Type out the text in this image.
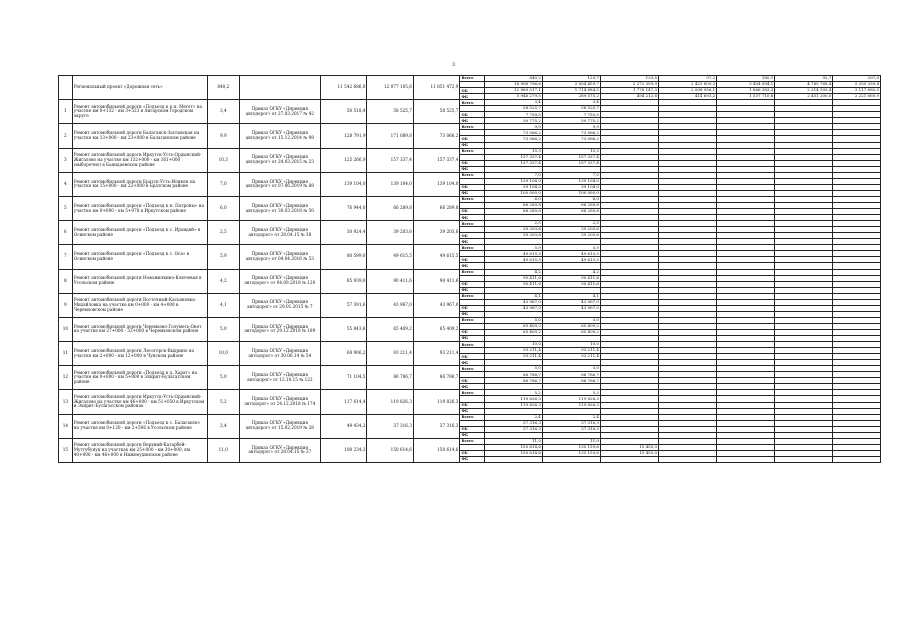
3
	Региональный проект «Дорожная сеть»	840,2		11 542 686,0	12 077 105,6	11 851 472,9	Всего	840,2	129,7	133,5	97,2	180,1	92,7	207,0
								18 906 796,6	2 004 459,7	2 272 359,9	2 423 609,3	3 404 094,1	4 765 768,4	5 339 359,4
							ОБ	12 960 517,1	1 714 884,5	1 778 147,3	2 008 956,1	1 866 383,3	2 314 595,4	3 117 680,5
							ФБ	5 946 279,5	289 575,2	494 212,6	414 693,2	1 537 710,8	2 451 200,0	2 221 669,9
1	Ремонт автомобильной дороги «Подъезд к р.п. Мегет» на участке км 0+132 - км 3+523 в Ангарском городском округе	3,4	Приказ ОГКУ «Дирекция автодорог» от 27.03.2017 № 42	50 518,4	58 525,7	58 525,7	Всего	3,4	3,4					
								58 525,7	58 525,7					
							ОБ	7 750,5	7 750,5					
							ФБ	50 775,2	50 775,2					
2	Ремонт автомобильной дороги Балаганск-Заславская на участке км 13+000 - км 23+000 в Балаганском районе	9,9	Приказ ОГКУ «Дирекция автодорог» от 15.12.2014 № 98	128 791,9	171 089,8	73 066,2	Всего	9,9	9,9					
								73 066,2	73 066,2					
							ОБ	73 066,2	73 066,2					
							ФБ							
3	Ремонт автомобильной дороги Иркутск-Усть-Ордынский-Жигалово на участке км 132+000 - км 161+000 (выборочно) в Баяндаевском районе	10,3	Приказ ОГКУ «Дирекция автодорог» от 24.03.2015 № 23	125 266,9	157 337,4	157 337,4	Всего	10,3	10,3					
								157 337,4	157 337,4					
							ОБ	157 337,4	157 337,4					
							ФБ							
4	Ремонт автомобильной дороги Братск-Усть-Илимск на участке км 15+000 - км 22+000 в Братском районе	7,0	Приказ ОГКУ «Дирекция автодорог» от 07.06.2019 № 88	139 104,0	139 104,0	139 104,0	Всего	7,0	7,0					
								139 104,0	139 104,0					
							ОБ	39 104,0	39 104,0					
							ФБ	100 000,0	100 000,0					
5	Ремонт автомобильной дороги «Подъезд к п. Патроны» на участке км 0+000 - км 5+978 в Иркутском районе	6,0	Приказ ОГКУ «Дирекция автодорог» от 30.03.2018 № 50	76 944,0	66 289,8	66 289,8	Всего	6,0	6,0					
								66 289,8	66 289,8					
							ОБ	66 289,8	66 289,8					
							ФБ							
6	Ремонт автомобильной дороги «Подъезд к с. Ирхидей» в Осинском районе	2,5	Приказ ОГКУ «Дирекция автодорог» от 28.04.15 № 38	30 924,4	39 203,6	39 203,6	Всего	2,5	2,5					
								39 203,6	39 203,6					
							ОБ	39 203,6	39 203,6					
							ФБ							
7	Ремонт автомобильной дороги «Подъезд к с. Оса» в Осинском районе	5,9	Приказ ОГКУ «Дирекция автодорог» от 04.04.2016 № 53	80 599,0	49 615,5	49 615,5	Всего	5,9	5,9					
								49 615,5	49 615,5					
							ОБ	49 615,5	49 615,5					
							ФБ							
8	Ремонт автомобильной дороги Новожилкино-Ключевая в Усольском районе	4,2	Приказ ОГКУ «Дирекция автодорог» от 04.09.2018 № 120	85 939,0	90 411,6	90 411,6	Всего	4,2	4,2					
								90 411,6	90 411,6					
							ОБ	90 411,6	90 411,6					
							ФБ							
9	Ремонт автомобильной дороги Восточный-Касьяновка-Михайловка на участке км 0+000 - км 4+000 в Черемховском районе	4,1	Приказ ОГКУ «Дирекция автодорог» от 29.01.2015 № 7	57 391,6	43 967,0	43 967,0	Всего	4,1	4,1					
								43 967,0	43 967,0					
							ОБ	43 967,0	43 967,0					
							ФБ							
10	Ремонт автомобильной дороги Черемхово-Голуметь-Онот на участке км 27+000 - 32+000 в Черемховском районе	5,0	Приказ ОГКУ «Дирекция автодорог» от 29.12.2018 № 189	55 843,6	65 409,2	65 409,2	Всего	5,0	5,0					
								65 409,2	65 409,2					
							ОБ	65 409,2	65 409,2					
							ФБ							
11	Ремонт автомобильной дороги Лесогорск-Выдрино на участке км 2+000 - км 12+000 в Чунском районе	10,0	Приказ ОГКУ «Дирекция автодорог» от 30.06.14 № 54	68 906,2	93 211,4	93 211,4	Всего	10,0	10,0					
								93 211,4	93 211,4					
							ОБ	93 211,4	93 211,4					
							ФБ							
12	Ремонт автомобильной дороги «Подъезд к д. Харат» на участке км 0+000 - км 5+000 в Эхирит-Булагатском районе	5,0	Приказ ОГКУ «Дирекция автодорог» от 12.10.15 № 122	71 104,5	86 786,7	86 786,7	Всего	5,0	5,0					
								86 786,7	86 786,7					
							ОБ	86 786,7	86 786,7					
							ФБ							
13	Ремонт автомобильной дороги Иркутск-Усть-Ордынский-Жигалово на участке км 46+000 - км 51+050 в Иркутском и Эхирит-Булагатском районах	5,2	Приказ ОГКУ «Дирекция автодорог» от 24.12.2018 № 174	117 614,4	119 826,3	119 826,3	Всего	5,2	5,2					
								119 826,3	119 826,3					
							ОБ	119 826,3	119 826,3					
							ФБ							
14	Ремонт автомобильной дороги «Подъезд к с. Балаганск» на участке км 0+120 - км 2+506 в Усольском районе	2,4	Приказ ОГКУ «Дирекция автодорог» от 15.02.2019 № 28	49 434,2	37 316,3	37 316,3	Всего	2,4	2,4					
								37 316,3	37 316,3					
							ОБ	37 316,3	37 316,3					
							ФБ							
15	Ремонт автомобильной дороги Верхний-Катарбей-Мугтубунук на участках км 25+000 - км 30+000, км 40+000 - км 46+000 в Нижнеудинском районе	11,0	Приказ ОГКУ «Дирекция автодорог» от 28.04.15 № 37	108 234,3	150 614,6	150 614,6	Всего	11,0	11,0					
								150 614,6	135 159,6	15 455,0				
							ОБ	150 614,6	135 159,6	15 455,0				
							ФБ							
